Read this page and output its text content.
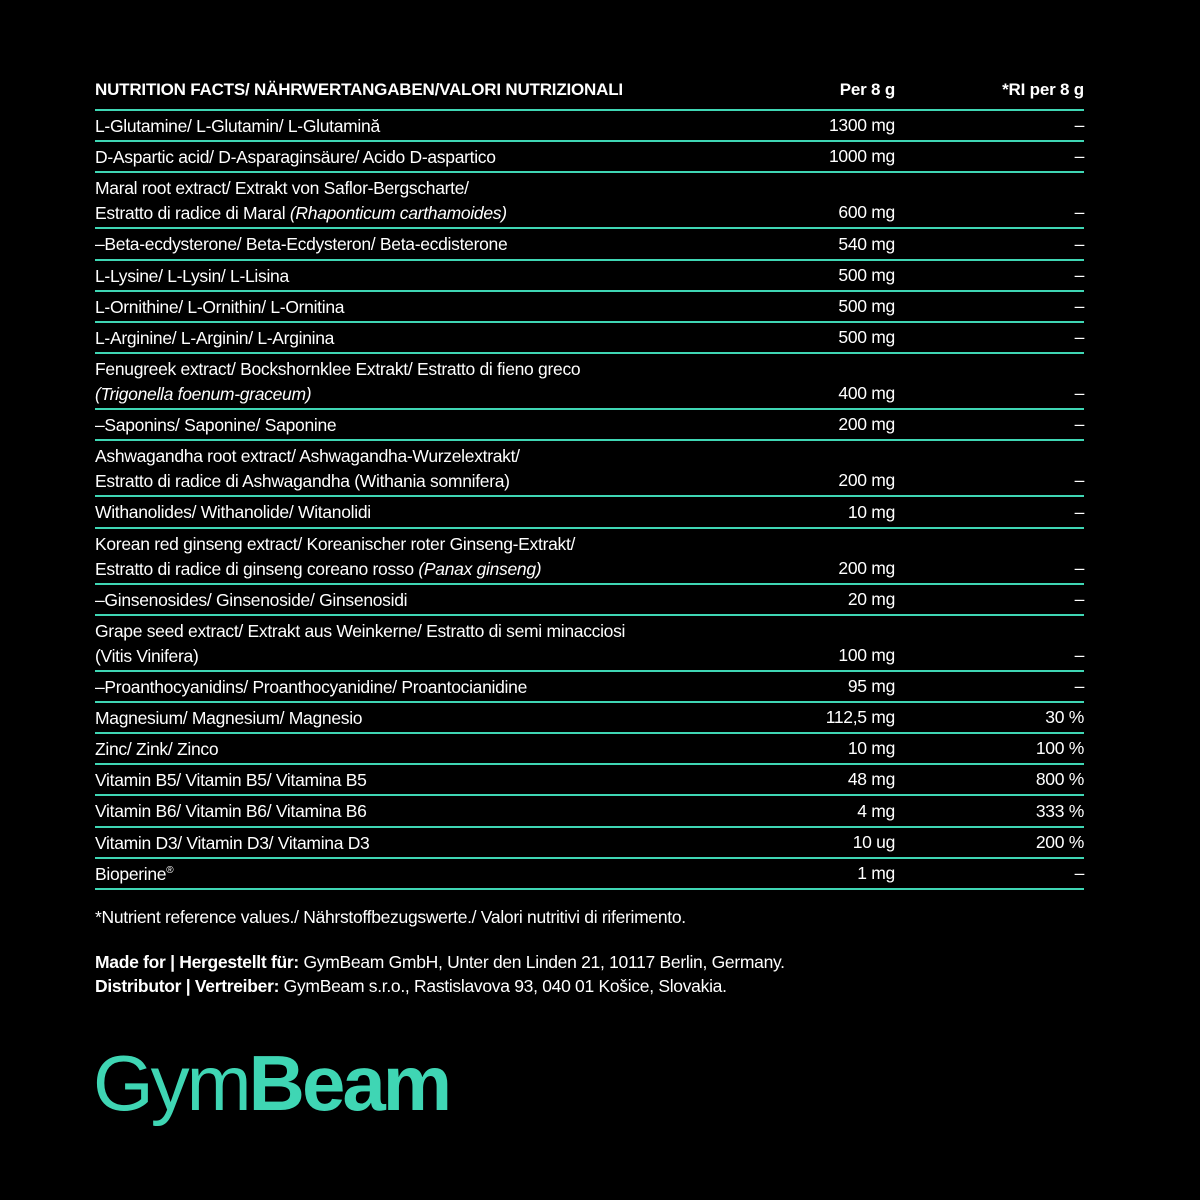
NUTRITION FACTS/ NÄHRWERTANGABEN/VALORI NUTRIZIONALI	Per 8 g	*RI per 8 g
L-Glutamine/ L-Glutamin/ L-Glutamină	1300 mg	–
D-Aspartic acid/ D-Asparaginsäure/ Acido D-aspartico	1000 mg	–
Maral root extract/ Extrakt von Saflor-Bergscharte/
Estratto di radice di Maral (Rhaponticum carthamoides)	600 mg	–
–Beta-ecdysterone/ Beta-Ecdysteron/ Beta-ecdisterone	540 mg	–
L-Lysine/ L-Lysin/ L-Lisina	500 mg	–
L-Ornithine/ L-Ornithin/ L-Ornitina	500 mg	–
L-Arginine/ L-Arginin/ L-Arginina	500 mg	–
Fenugreek extract/ Bockshornklee Extrakt/ Estratto di fieno greco
(Trigonella foenum-graceum)	400 mg	–
–Saponins/ Saponine/ Saponine	200 mg	–
Ashwagandha root extract/ Ashwagandha-Wurzelextrakt/
Estratto di radice di Ashwagandha (Withania somnifera)	200 mg	–
Withanolides/ Withanolide/ Witanolidi	10 mg	–
Korean red ginseng extract/ Koreanischer roter Ginseng-Extrakt/
Estratto di radice di ginseng coreano rosso (Panax ginseng)	200 mg	–
–Ginsenosides/ Ginsenoside/ Ginsenosidi	20 mg	–
Grape seed extract/ Extrakt aus Weinkerne/ Estratto di semi minacciosi
(Vitis Vinifera)	100 mg	–
–Proanthocyanidins/ Proanthocyanidine/ Proantocianidine	95 mg	–
Magnesium/ Magnesium/ Magnesio	112,5 mg	30 %
Zinc/ Zink/ Zinco	10 mg	100 %
Vitamin B5/ Vitamin B5/ Vitamina B5	48 mg	800 %
Vitamin B6/ Vitamin B6/ Vitamina B6	4 mg	333 %
Vitamin D3/ Vitamin D3/ Vitamina D3	10 ug	200 %
Bioperine®	1 mg	–
*Nutrient reference values./ Nährstoffbezugswerte./ Valori nutritivi di riferimento.
Made for | Hergestellt für: GymBeam GmbH, Unter den Linden 21, 10117 Berlin, Germany.
Distributor | Vertreiber: GymBeam s.r.o., Rastislavova 93, 040 01 Košice, Slovakia.
GymBeam
